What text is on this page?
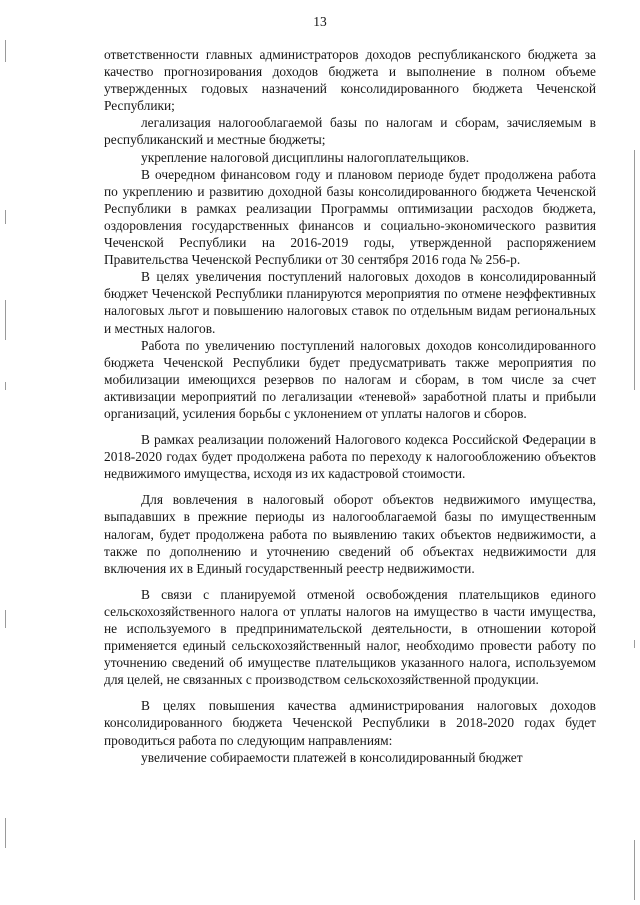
13

ответственности главных администраторов доходов республиканского бюджета за качество прогнозирования доходов бюджета и выполнение в полном объеме утвержденных годовых назначений консолидированного бюджета Чеченской Республики;

легализация налогооблагаемой базы по налогам и сборам, зачисляемым в республиканский и местные бюджеты;

укрепление налоговой дисциплины налогоплательщиков.

В очередном финансовом году и плановом периоде будет продолжена работа по укреплению и развитию доходной базы консолидированного бюджета Чеченской Республики в рамках реализации Программы оптимизации расходов бюджета, оздоровления государственных финансов и социально-экономического развития Чеченской Республики на 2016-2019 годы, утвержденной распоряжением Правительства Чеченской Республики от 30 сентября 2016 года № 256-р.

В целях увеличения поступлений налоговых доходов в консолидированный бюджет Чеченской Республики планируются мероприятия по отмене неэффективных налоговых льгот и повышению налоговых ставок по отдельным видам региональных и местных налогов.

Работа по увеличению поступлений налоговых доходов консолидированного бюджета Чеченской Республики будет предусматривать также мероприятия по мобилизации имеющихся резервов по налогам и сборам, в том числе за счет активизации мероприятий по легализации «теневой» заработной платы и прибыли организаций, усиления борьбы с уклонением от уплаты налогов и сборов.

В рамках реализации положений Налогового кодекса Российской Федерации в 2018-2020 годах будет продолжена работа по переходу к налогообложению объектов недвижимого имущества, исходя из их кадастровой стоимости.

Для вовлечения в налоговый оборот объектов недвижимого имущества, выпадавших в прежние периоды из налогооблагаемой базы по имущественным налогам, будет продолжена работа по выявлению таких объектов недвижимости, а также по дополнению и уточнению сведений об объектах недвижимости для включения их в Единый государственный реестр недвижимости.

В связи с планируемой отменой освобождения плательщиков единого сельскохозяйственного налога от уплаты налогов на имущество в части имущества, не используемого в предпринимательской деятельности, в отношении которой применяется единый сельскохозяйственный налог, необходимо провести работу по уточнению сведений об имуществе плательщиков указанного налога, используемом для целей, не связанных с производством сельскохозяйственной продукции.

В целях повышения качества администрирования налоговых доходов консолидированного бюджета Чеченской Республики в 2018-2020 годах будет проводиться работа по следующим направлениям:

увеличение собираемости платежей в консолидированный бюджет
